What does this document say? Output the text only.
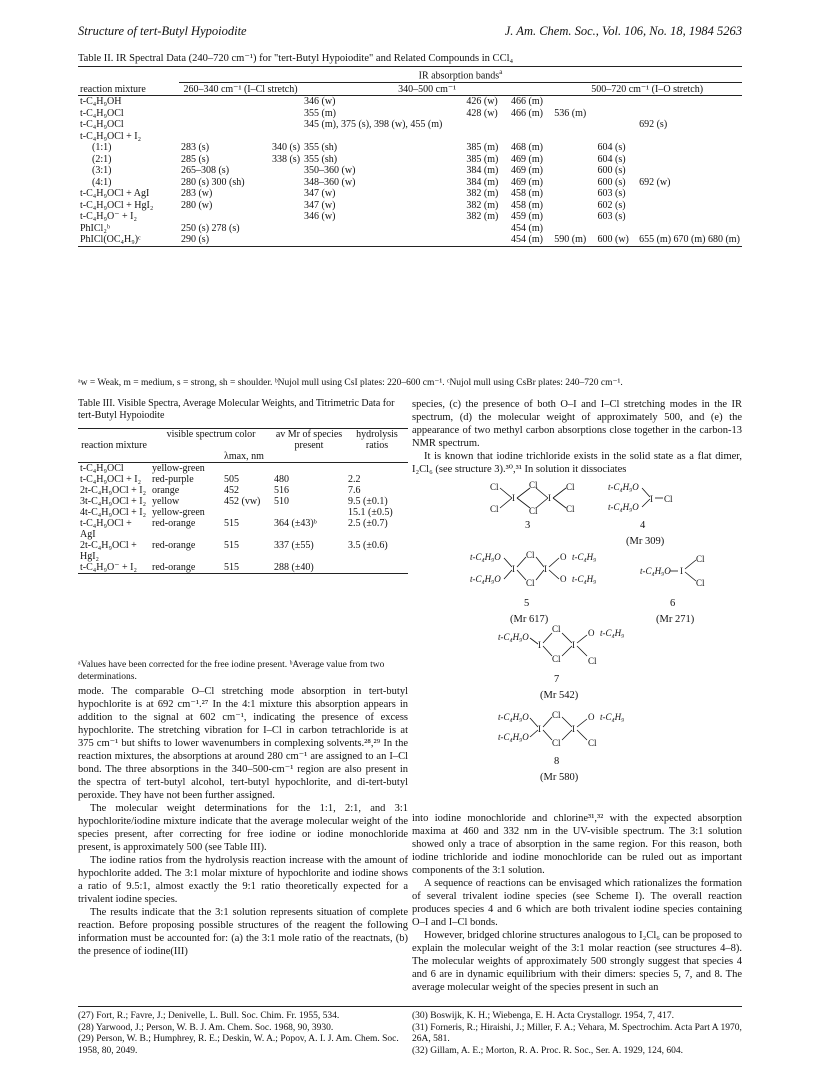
Structure of tert-Butyl Hypoiodite	J. Am. Chem. Soc., Vol. 106, No. 18, 1984 5263
Table II. IR Spectral Data (240–720 cm⁻¹) for "tert-Butyl Hypoiodite" and Related Compounds in CCl₄

	IR absorption bands$^a$

reaction mixture	260–340 cm⁻¹ (I–Cl stretch)		340–500 cm⁻¹			500–720 cm⁻¹ (I–O stretch)		

t-C₄H₉OH			346 (w)	426 (w)	466 (m)			
t-C₄H₉OCl			355 (m)	428 (w)	466 (m)	536 (m)		
t-C₄H₉OCl			345 (m), 375 (s), 398 (w), 455 (m)					692 (s)
t-C₄H₉OCl + I₂								
(1:1)	283 (s)	340 (s)	355 (sh)	385 (m)	468 (m)		604 (s)	
(2:1)	285 (s)	338 (s)	355 (sh)	385 (m)	469 (m)		604 (s)	
(3:1)	265–308 (s)		350–360 (w)	384 (m)	469 (m)		600 (s)	
(4:1)	280 (s) 300 (sh)		348–360 (w)	384 (m)	469 (m)		600 (s)	692 (w)
t-C₄H₉OCl + AgI	283 (w)		347 (w)	382 (m)	458 (m)		603 (s)	
t-C₄H₉OCl + HgI₂	280 (w)		347 (w)	382 (m)	458 (m)		602 (s)	
t-C₄H₉O⁻ + I₂			346 (w)	382 (m)	459 (m)		603 (s)	
PhICl₂ᵇ	250 (s) 278 (s)				454 (m)			
PhICl(OC₄H₉)ᶜ	290 (s)				454 (m)	590 (m)	600 (w)	655 (m) 670 (m) 680 (m)

ᵃw = Weak, m = medium, s = strong, sh = shoulder. ᵇNujol mull using CsI plates: 220–600 cm⁻¹. ᶜNujol mull using CsBr plates: 240–720 cm⁻¹.
Table III. Visible Spectra, Average Molecular Weights, and Titrimetric Data for tert-Butyl Hypoiodite

reaction mixture	visible spectrum color		av Mr of species present	hydrolysis ratios
		λmax, nm		

t-C₄H₉OCl	yellow-green			
t-C₄H₉OCl + I₂	red-purple	505	480	2.2
2t-C₄H₉OCl + I₂	orange	452	516	7.6
3t-C₄H₉OCl + I₂	yellow	452 (vw)	510	9.5 (±0.1)
4t-C₄H₉OCl + I₂	yellow-green			15.1 (±0.5)
t-C₄H₉OCl + AgI	red-orange	515	364 (±43)ᵇ	2.5 (±0.7)
2t-C₄H₉OCl + HgI₂	red-orange	515	337 (±55)	3.5 (±0.6)
t-C₄H₉O⁻ + I₂	red-orange	515	288 (±40)	

ᵃValues have been corrected for the free iodine present. ᵇAverage value from two determinations.

mode. The comparable O–Cl stretching mode absorption in tert-butyl hypochlorite is at 692 cm⁻¹.²⁷ In the 4:1 mixture this absorption appears in addition to the signal at 602 cm⁻¹, indicating the presence of excess hypochlorite. The stretching vibration for I–Cl in carbon tetrachloride is at 375 cm⁻¹ but shifts to lower wavenumbers in complexing solvents.²⁸,²⁹ In the reaction mixtures, the absorptions at around 280 cm⁻¹ are assigned to an I–Cl bond. The three absorptions in the 340–500-cm⁻¹ region are also present in the spectra of tert-butyl alcohol, tert-butyl hypochlorite, and di-tert-butyl peroxide. They have not been further assigned.

The molecular weight determinations for the 1:1, 2:1, and 3:1 hypochlorite/iodine mixture indicate that the average molecular weight of the species present, after correcting for free iodine or iodine monochloride present, is approximately 500 (see Table III).

The iodine ratios from the hydrolysis reaction increase with the amount of hypochlorite added. The 3:1 molar mixture of hypochlorite and iodine shows a ratio of 9.5:1, almost exactly the 9:1 ratio theoretically expected for a trivalent iodine species.

The results indicate that the 3:1 solution represents situation of complete reaction. Before proposing possible structures of the reagent the following information must be accounted for: (a) the 3:1 mole ratio of the reactnats, (b) the presence of iodine(III)

species, (c) the presence of both O–I and I–Cl stretching modes in the IR spectrum, (d) the molecular weight of approximately 500, and (e) the appearance of two methyl carbon absorptions close together in the carbon-13 NMR spectrum.

It is known that iodine trichloride exists in the solid state as a flat dimer, I₂Cl₆ (see structure 3).³⁰,³¹ In solution it dissociates

Cl
Cl
I
Cl
Cl
I
Cl
Cl
3
t-C₄H₉O
t-C₄H₉O
I Cl
4
(Mr 309)
t-C₄H₉O
t-C₄H₉O
I
Cl
Cl
I
O
O
t-C₄H₉
t-C₄H₉
5
(Mr 617)
t-C₄H₉O I
Cl
Cl
6
(Mr 271)
t-C₄H₉O
I
Cl
Cl
I
O t-C₄H₉
Cl
7
(Mr 542)
t-C₄H₉O
t-C₄H₉O
I
Cl
Cl
I
O t-C₄H₉
Cl
8
(Mr 580)

into iodine monochloride and chlorine³¹,³² with the expected absorption maxima at 460 and 332 nm in the UV-visible spectrum. The 3:1 solution showed only a trace of absorption in the same region. For this reason, both iodine trichloride and iodine monochloride can be ruled out as important components of the 3:1 solution.

A sequence of reactions can be envisaged which rationalizes the formation of several trivalent iodine species (see Scheme I). The overall reaction produces species 4 and 6 which are both trivalent iodine species containing O–I and I–Cl bonds.

However, bridged chlorine structures analogous to I₂Cl₆ can be proposed to explain the molecular weight of the 3:1 molar reaction (see structures 4–8). The molecular weights of approximately 500 strongly suggest that species 4 and 6 are in dynamic equilibrium with their dimers: species 5, 7, and 8. The average molecular weight of the species present in such an

(27) Fort, R.; Favre, J.; Denivelle, L. Bull. Soc. Chim. Fr. 1955, 534.
(28) Yarwood, J.; Person, W. B. J. Am. Chem. Soc. 1968, 90, 3930.
(29) Person, W. B.; Humphrey, R. E.; Deskin, W. A.; Popov, A. I. J. Am. Chem. Soc. 1958, 80, 2049.
(30) Boswijk, K. H.; Wiebenga, E. H. Acta Crystallogr. 1954, 7, 417.
(31) Forneris, R.; Hiraishi, J.; Miller, F. A.; Vehara, M. Spectrochim. Acta Part A 1970, 26A, 581.
(32) Gillam, A. E.; Morton, R. A. Proc. R. Soc., Ser. A. 1929, 124, 604.
